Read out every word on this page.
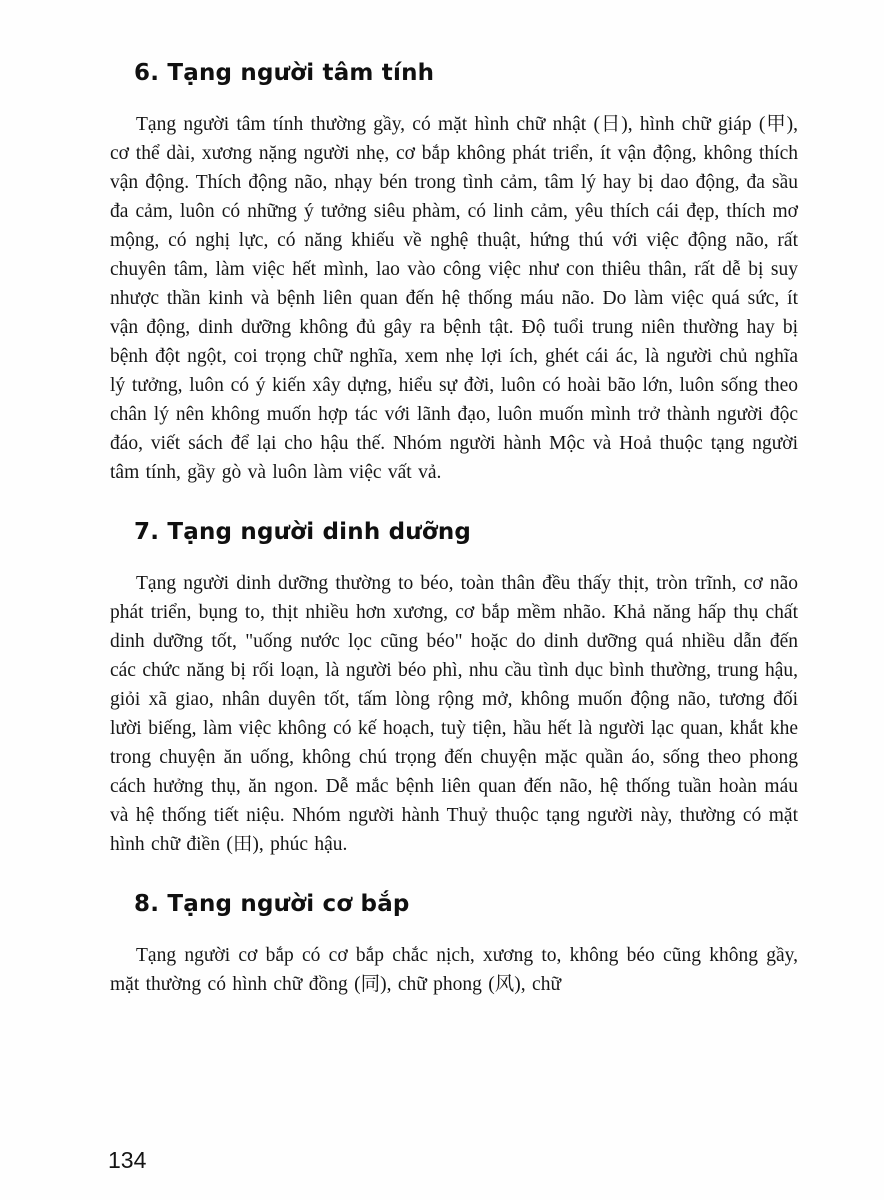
6. Tạng người tâm tính

Tạng người tâm tính thường gầy, có mặt hình chữ nhật (日), hình chữ giáp (甲), cơ thể dài, xương nặng người nhẹ, cơ bắp không phát triển, ít vận động, không thích vận động. Thích động não, nhạy bén trong tình cảm, tâm lý hay bị dao động, đa sầu đa cảm, luôn có những ý tưởng siêu phàm, có linh cảm, yêu thích cái đẹp, thích mơ mộng, có nghị lực, có năng khiếu về nghệ thuật, hứng thú với việc động não, rất chuyên tâm, làm việc hết mình, lao vào công việc như con thiêu thân, rất dễ bị suy nhược thần kinh và bệnh liên quan đến hệ thống máu não. Do làm việc quá sức, ít vận động, dinh dưỡng không đủ gây ra bệnh tật. Độ tuổi trung niên thường hay bị bệnh đột ngột, coi trọng chữ nghĩa, xem nhẹ lợi ích, ghét cái ác, là người chủ nghĩa lý tưởng, luôn có ý kiến xây dựng, hiểu sự đời, luôn có hoài bão lớn, luôn sống theo chân lý nên không muốn hợp tác với lãnh đạo, luôn muốn mình trở thành người độc đáo, viết sách để lại cho hậu thế. Nhóm người hành Mộc và Hoả thuộc tạng người tâm tính, gầy gò và luôn làm việc vất vả.

7. Tạng người dinh dưỡng

Tạng người dinh dưỡng thường to béo, toàn thân đều thấy thịt, tròn trĩnh, cơ não phát triển, bụng to, thịt nhiều hơn xương, cơ bắp mềm nhão. Khả năng hấp thụ chất dinh dưỡng tốt, "uống nước lọc cũng béo" hoặc do dinh dưỡng quá nhiều dẫn đến các chức năng bị rối loạn, là người béo phì, nhu cầu tình dục bình thường, trung hậu, giỏi xã giao, nhân duyên tốt, tấm lòng rộng mở, không muốn động não, tương đối lười biếng, làm việc không có kế hoạch, tuỳ tiện, hầu hết là người lạc quan, khắt khe trong chuyện ăn uống, không chú trọng đến chuyện mặc quần áo, sống theo phong cách hưởng thụ, ăn ngon. Dễ mắc bệnh liên quan đến não, hệ thống tuần hoàn máu và hệ thống tiết niệu. Nhóm người hành Thuỷ thuộc tạng người này, thường có mặt hình chữ điền (田), phúc hậu.

8. Tạng người cơ bắp

Tạng người cơ bắp có cơ bắp chắc nịch, xương to, không béo cũng không gầy, mặt thường có hình chữ đồng (同), chữ phong (风), chữ

134
